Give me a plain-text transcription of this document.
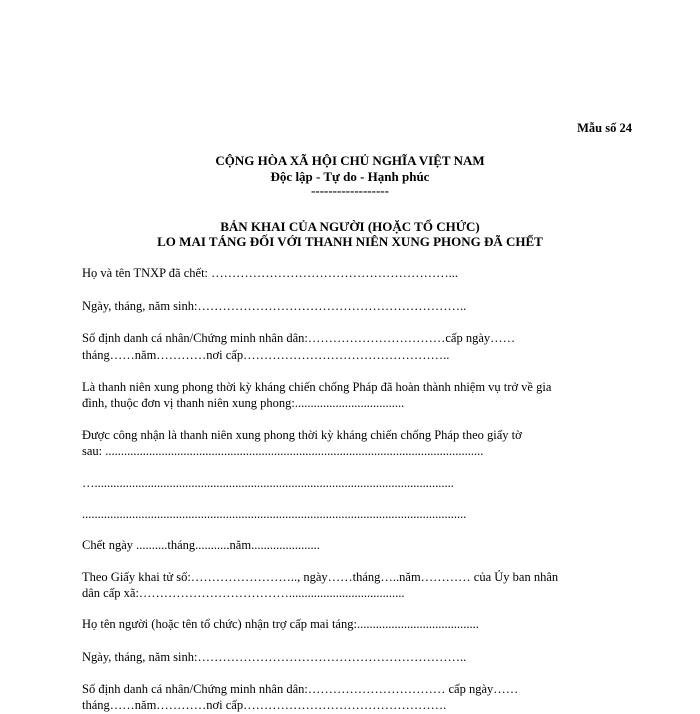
Mẫu số 24
CỘNG HÒA XÃ HỘI CHỦ NGHĨA VIỆT NAM
Độc lập - Tự do - Hạnh phúc
------------------
BẢN KHAI CỦA NGƯỜI (HOẶC TỔ CHỨC)
LO MAI TÁNG ĐỐI VỚI THANH NIÊN XUNG PHONG ĐÃ CHẾT
Họ và tên TNXP đã chết: …………………………………………………...
Ngày, tháng, năm sinh:………………………………………………………..
Số định danh cá nhân/Chứng minh nhân dân:……………………………cấp ngày……
tháng……năm…………nơi cấp…………………………………………..
Là thanh niên xung phong thời kỳ kháng chiến chống Pháp đã hoàn thành nhiệm vụ trở về gia
đình, thuộc đơn vị thanh niên xung phong:...................................
Được công nhận là thanh niên xung phong thời kỳ kháng chiến chống Pháp theo giấy tờ
sau: .........................................................................................................................
…...................................................................................................................
...........................................................................................................................
Chết ngày ..........tháng...........năm......................
Theo Giấy khai tử số:…………………….., ngày……tháng…..năm………… của Ủy ban nhân
dân cấp xã:……………………………….....................................
Họ tên người (hoặc tên tổ chức) nhận trợ cấp mai táng:.......................................
Ngày, tháng, năm sinh:………………………………………………………..
Số định danh cá nhân/Chứng minh nhân dân:…………………………… cấp ngày……
tháng……năm…………nơi cấp………………………………………….
